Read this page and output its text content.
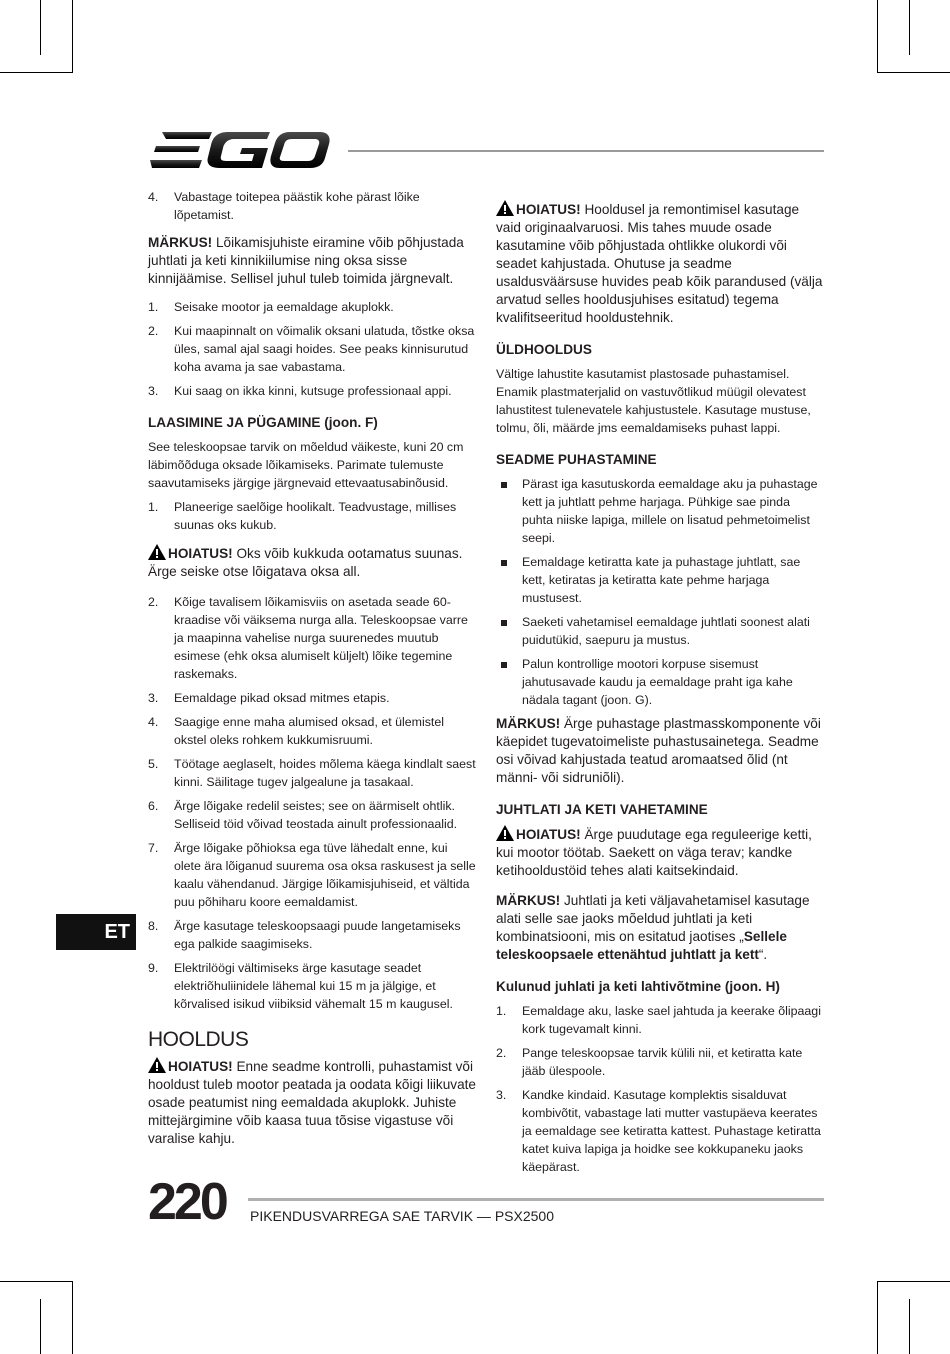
4. Vabastage toitepea päästik kohe pärast lõike lõpetamist.
MÄRKUS! Lõikamisjuhiste eiramine võib põhjustada juhtlati ja keti kinnikiilumise ning oksa sisse kinnijäämise. Sellisel juhul tuleb toimida järgnevalt.
1. Seisake mootor ja eemaldage akuplokk.
2. Kui maapinnalt on võimalik oksani ulatuda, tõstke oksa üles, samal ajal saagi hoides. See peaks kinnisurutud koha avama ja sae vabastama.
3. Kui saag on ikka kinni, kutsuge professionaal appi.
LAASIMINE JA PÜGAMINE (joon. F)

See teleskoopsae tarvik on mõeldud väikeste, kuni 20 cm läbimõõduga oksade lõikamiseks. Parimate tulemuste saavutamiseks järgige järgnevaid ettevaatusabinõusid.

1. Planeerige saelõige hoolikalt. Teadvustage, millises suunas oks kukub.
HOIATUS! Oks võib kukkuda ootamatus suunas. Ärge seiske otse lõigatava oksa all.
2. Kõige tavalisem lõikamisviis on asetada seade 60-kraadise või väiksema nurga alla. Teleskoopsae varre ja maapinna vahelise nurga suurenedes muutub esimese (ehk oksa alumiselt küljelt) lõike tegemine raskemaks.
3. Eemaldage pikad oksad mitmes etapis.
4. Saagige enne maha alumised oksad, et ülemistel okstel oleks rohkem kukkumisruumi.
5. Töötage aeglaselt, hoides mõlema käega kindlalt saest kinni. Säilitage tugev jalgealune ja tasakaal.
6. Ärge lõigake redelil seistes; see on äärmiselt ohtlik. Selliseid töid võivad teostada ainult professionaalid.
7. Ärge lõigake põhioksa ega tüve lähedalt enne, kui olete ära lõiganud suurema osa oksa raskusest ja selle kaalu vähendanud. Järgige lõikamisjuhiseid, et vältida puu põhiharu koore eemaldamist.
8. Ärge kasutage teleskoopsaagi puude langetamiseks ega palkide saagimiseks.
9. Elektrilöögi vältimiseks ärge kasutage seadet elektriõhuliinidele lähemal kui 15 m ja jälgige, et kõrvalised isikud viibiksid vähemalt 15 m kaugusel.
HOOLDUS
HOIATUS! Enne seadme kontrolli, puhastamist või hooldust tuleb mootor peatada ja oodata kõigi liikuvate osade peatumist ning eemaldada akuplokk. Juhiste mittejärgimine võib kaasa tuua tõsise vigastuse või varalise kahju.
HOIATUS! Hooldusel ja remontimisel kasutage vaid originaalvaruosi. Mis tahes muude osade kasutamine võib põhjustada ohtlikke olukordi või seadet kahjustada. Ohutuse ja seadme usaldusväärsuse huvides peab kõik parandused (välja arvatud selles hooldusjuhises esitatud) tegema kvalifitseeritud hooldustehnik.
ÜLDHOOLDUS

Vältige lahustite kasutamist plastosade puhastamisel. Enamik plastmaterjalid on vastuvõtlikud müügil olevatest lahustitest tulenevatele kahjustustele. Kasutage mustuse, tolmu, õli, määrde jms eemaldamiseks puhast lappi.

SEADME PUHASTAMINE
Pärast iga kasutuskorda eemaldage aku ja puhastage kett ja juhtlatt pehme harjaga. Pühkige sae pinda puhta niiske lapiga, millele on lisatud pehmetoimelist seepi.
Eemaldage ketiratta kate ja puhastage juhtlatt, sae kett, ketiratas ja ketiratta kate pehme harjaga mustusest.
Saeketi vahetamisel eemaldage juhtlati soonest alati puidutükid, saepuru ja mustus.
Palun kontrollige mootori korpuse sisemust jahutusavade kaudu ja eemaldage praht iga kahe nädala tagant (joon. G).
MÄRKUS! Ärge puhastage plastmasskomponente või käepidet tugevatoimeliste puhastusainetega. Seadme osi võivad kahjustada teatud aromaatsed õlid (nt männi- või sidruniõli).
JUHTLATI JA KETI VAHETAMINE
HOIATUS! Ärge puudutage ega reguleerige ketti, kui mootor töötab. Saekett on väga terav; kandke ketihooldustöid tehes alati kaitsekindaid.
MÄRKUS! Juhtlati ja keti väljavahetamisel kasutage alati selle sae jaoks mõeldud juhtlati ja keti kombinatsiooni, mis on esitatud jaotises „Sellele teleskoopsaele ettenähtud juhtlatt ja kett“.
Kulunud juhlati ja keti lahtivõtmine (joon. H)
1. Eemaldage aku, laske sael jahtuda ja keerake õlipaagi kork tugevamalt kinni.
2. Pange teleskoopsae tarvik külili nii, et ketiratta kate jääb ülespoole.
3. Kandke kindaid. Kasutage komplektis sisalduvat kombivõtit, vabastage lati mutter vastupäeva keerates ja eemaldage see ketiratta kattest. Puhastage ketiratta katet kuiva lapiga ja hoidke see kokkupaneku jaoks käepärast.
ET
220 PIKENDUSVARREGA SAE TARVIK — PSX2500
